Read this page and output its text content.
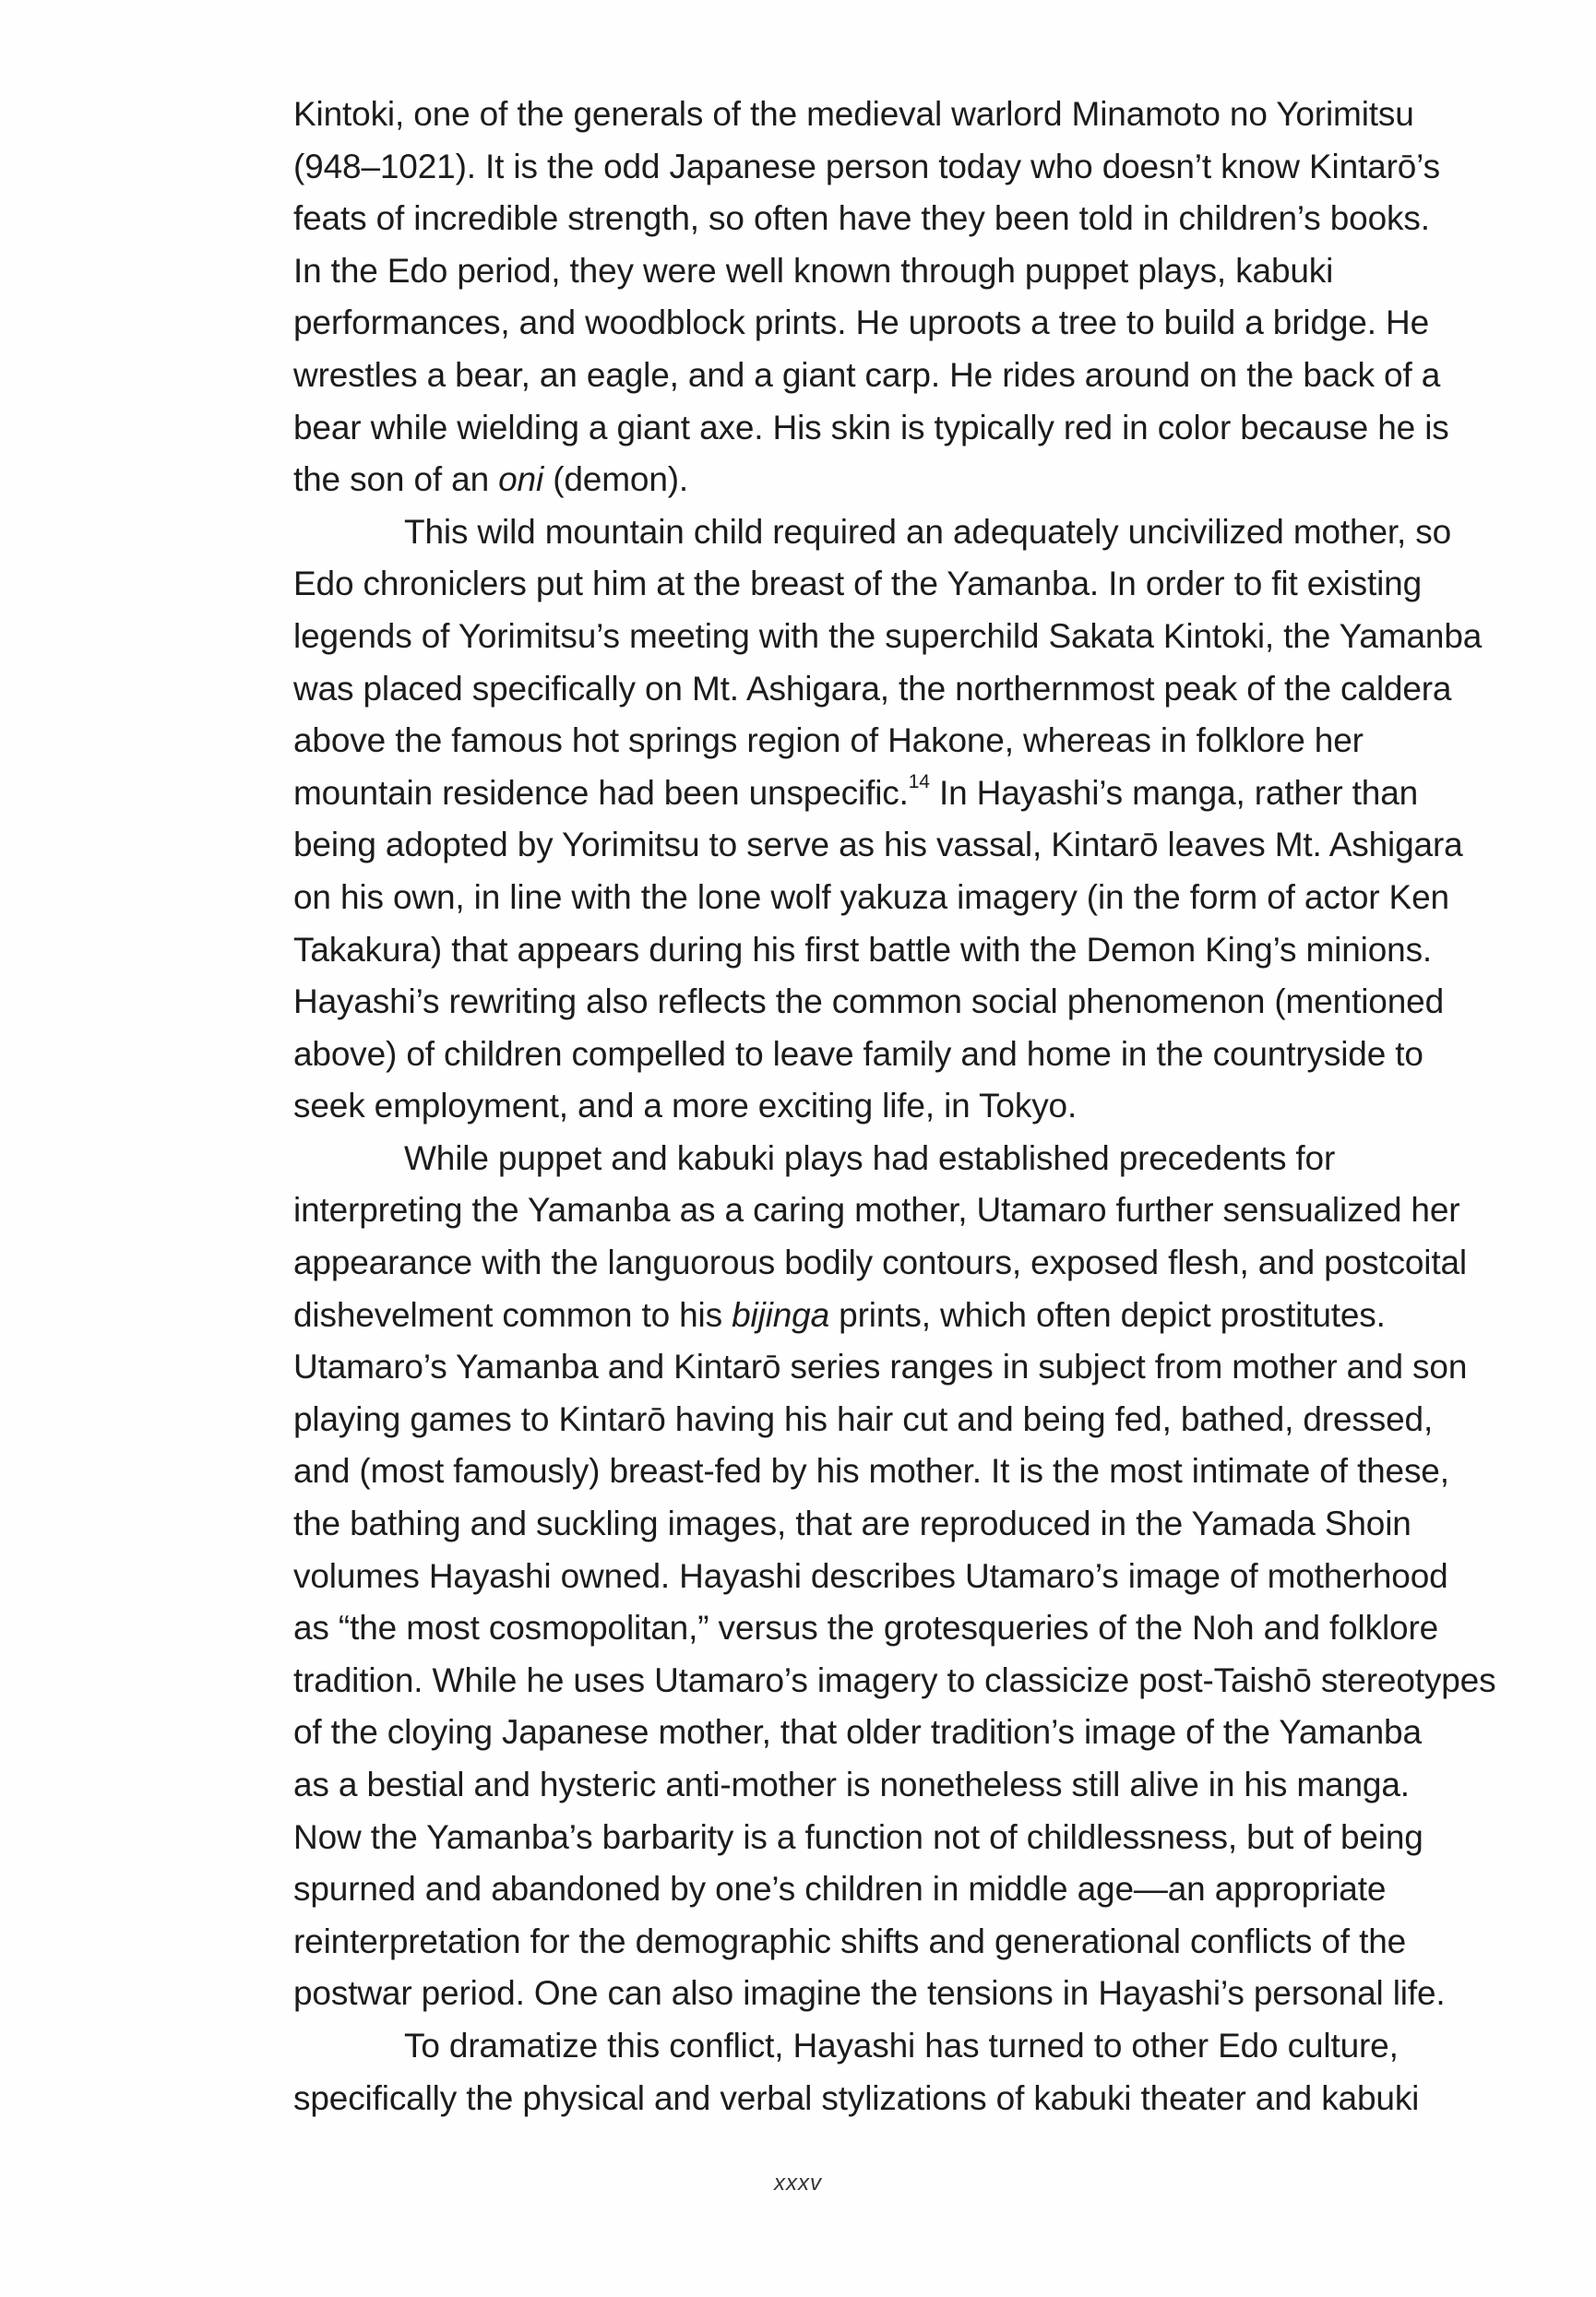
Kintoki, one of the generals of the medieval warlord Minamoto no Yorimitsu
(948–1021). It is the odd Japanese person today who doesn’t know Kintarō’s
feats of incredible strength, so often have they been told in children’s books.
In the Edo period, they were well known through puppet plays, kabuki
performances, and woodblock prints. He uproots a tree to build a bridge. He
wrestles a bear, an eagle, and a giant carp. He rides around on the back of a
bear while wielding a giant axe. His skin is typically red in color because he is
the son of an oni (demon).
This wild mountain child required an adequately uncivilized mother, so
Edo chroniclers put him at the breast of the Yamanba. In order to fit existing
legends of Yorimitsu’s meeting with the superchild Sakata Kintoki, the Yamanba
was placed specifically on Mt. Ashigara, the northernmost peak of the caldera
above the famous hot springs region of Hakone, whereas in folklore her
mountain residence had been unspecific.$^{14}$ In Hayashi’s manga, rather than
being adopted by Yorimitsu to serve as his vassal, Kintarō leaves Mt. Ashigara
on his own, in line with the lone wolf yakuza imagery (in the form of actor Ken
Takakura) that appears during his first battle with the Demon King’s minions.
Hayashi’s rewriting also reflects the common social phenomenon (mentioned
above) of children compelled to leave family and home in the countryside to
seek employment, and a more exciting life, in Tokyo.
While puppet and kabuki plays had established precedents for
interpreting the Yamanba as a caring mother, Utamaro further sensualized her
appearance with the languorous bodily contours, exposed flesh, and postcoital
dishevelment common to his bijinga prints, which often depict prostitutes.
Utamaro’s Yamanba and Kintarō series ranges in subject from mother and son
playing games to Kintarō having his hair cut and being fed, bathed, dressed,
and (most famously) breast-fed by his mother. It is the most intimate of these,
the bathing and suckling images, that are reproduced in the Yamada Shoin
volumes Hayashi owned. Hayashi describes Utamaro’s image of motherhood
as “the most cosmopolitan,” versus the grotesqueries of the Noh and folklore
tradition. While he uses Utamaro’s imagery to classicize post-Taishō stereotypes
of the cloying Japanese mother, that older tradition’s image of the Yamanba
as a bestial and hysteric anti-mother is nonetheless still alive in his manga.
Now the Yamanba’s barbarity is a function not of childlessness, but of being
spurned and abandoned by one’s children in middle age—an appropriate
reinterpretation for the demographic shifts and generational conflicts of the
postwar period. One can also imagine the tensions in Hayashi’s personal life.
To dramatize this conflict, Hayashi has turned to other Edo culture,
specifically the physical and verbal stylizations of kabuki theater and kabuki
xxxv
